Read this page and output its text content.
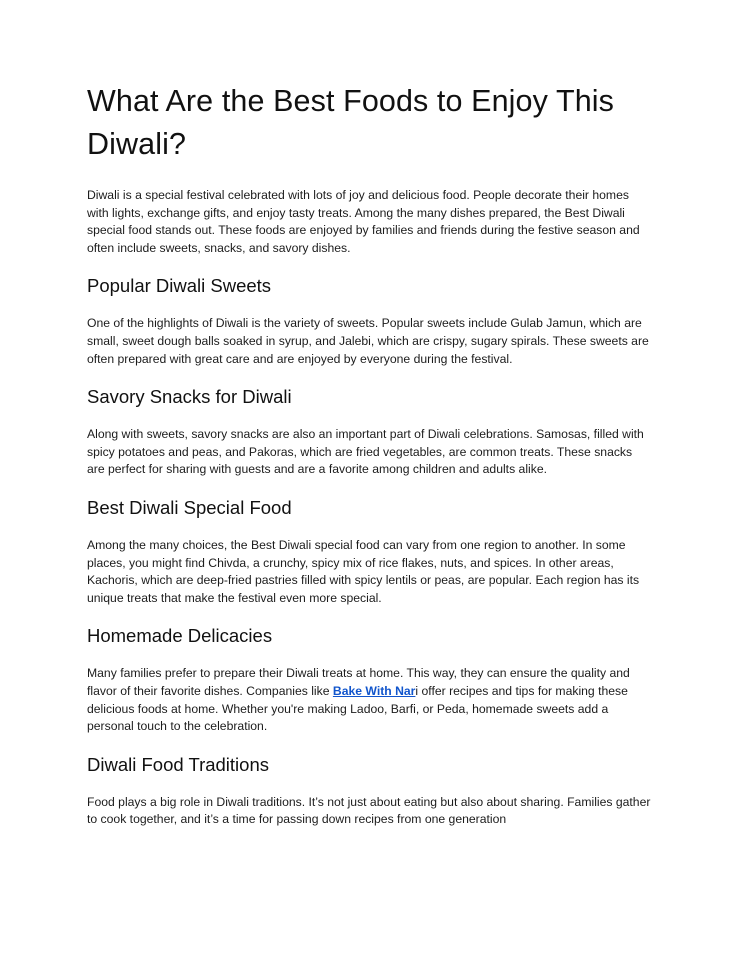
What Are the Best Foods to Enjoy This Diwali?

Diwali is a special festival celebrated with lots of joy and delicious food. People decorate their homes with lights, exchange gifts, and enjoy tasty treats. Among the many dishes prepared, the Best Diwali special food stands out. These foods are enjoyed by families and friends during the festive season and often include sweets, snacks, and savory dishes.

Popular Diwali Sweets

One of the highlights of Diwali is the variety of sweets. Popular sweets include Gulab Jamun, which are small, sweet dough balls soaked in syrup, and Jalebi, which are crispy, sugary spirals. These sweets are often prepared with great care and are enjoyed by everyone during the festival.

Savory Snacks for Diwali

Along with sweets, savory snacks are also an important part of Diwali celebrations. Samosas, filled with spicy potatoes and peas, and Pakoras, which are fried vegetables, are common treats. These snacks are perfect for sharing with guests and are a favorite among children and adults alike.

Best Diwali Special Food

Among the many choices, the Best Diwali special food can vary from one region to another. In some places, you might find Chivda, a crunchy, spicy mix of rice flakes, nuts, and spices. In other areas, Kachoris, which are deep-fried pastries filled with spicy lentils or peas, are popular. Each region has its unique treats that make the festival even more special.

Homemade Delicacies

Many families prefer to prepare their Diwali treats at home. This way, they can ensure the quality and flavor of their favorite dishes. Companies like Bake With Nari offer recipes and tips for making these delicious foods at home. Whether you're making Ladoo, Barfi, or Peda, homemade sweets add a personal touch to the celebration.

Diwali Food Traditions

Food plays a big role in Diwali traditions. It’s not just about eating but also about sharing. Families gather to cook together, and it’s a time for passing down recipes from one generation
